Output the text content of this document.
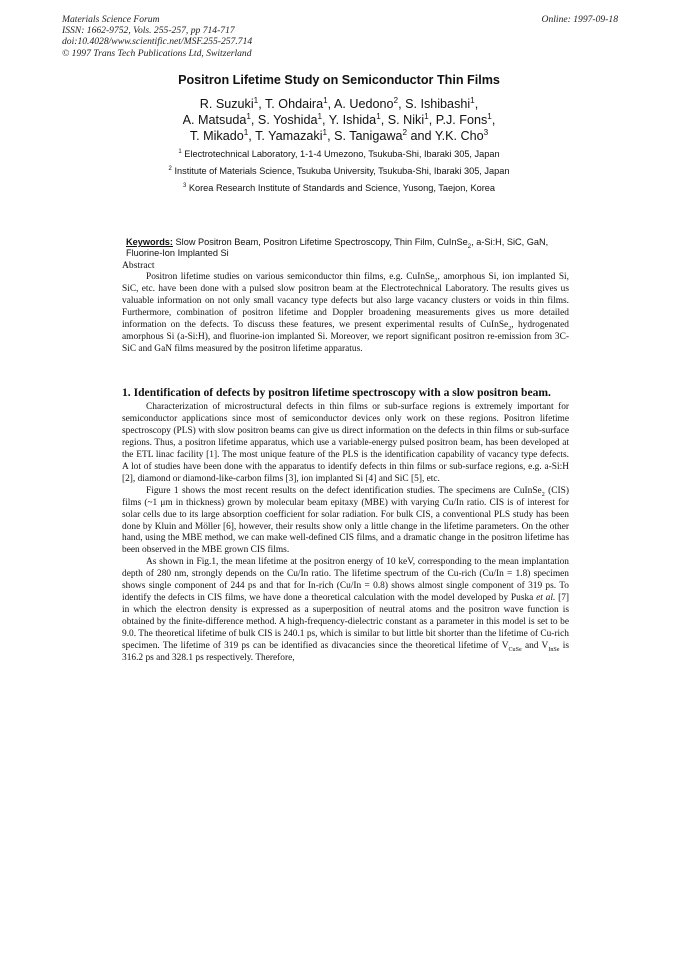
Materials Science Forum
ISSN: 1662-9752, Vols. 255-257, pp 714-717
doi:10.4028/www.scientific.net/MSF.255-257.714
© 1997 Trans Tech Publications Ltd, Switzerland
Online: 1997-09-18
Positron Lifetime Study on Semiconductor Thin Films
R. Suzuki$^1$, T. Ohdaira$^1$, A. Uedono$^2$, S. Ishibashi$^1$,
A. Matsuda$^1$, S. Yoshida$^1$, Y. Ishida$^1$, S. Niki$^1$, P.J. Fons$^1$,
T. Mikado$^1$, T. Yamazaki$^1$, S. Tanigawa$^2$ and Y.K. Cho$^3$
$^1$ Electrotechnical Laboratory, 1-1-4 Umezono, Tsukuba-Shi, Ibaraki 305, Japan
$^2$ Institute of Materials Science, Tsukuba University, Tsukuba-Shi, Ibaraki 305, Japan
$^3$ Korea Research Institute of Standards and Science, Yusong, Taejon, Korea
Keywords: Slow Positron Beam, Positron Lifetime Spectroscopy, Thin Film, CuInSe$_2$, a-Si:H, SiC, GaN, Fluorine-Ion Implanted Si
Abstract

Positron lifetime studies on various semiconductor thin films, e.g. CuInSe$_2$, amorphous Si, ion implanted Si, SiC, etc. have been done with a pulsed slow positron beam at the Electrotechnical Laboratory. The results gives us valuable information on not only small vacancy type defects but also large vacancy clusters or voids in thin films. Furthermore, combination of positron lifetime and Doppler broadening measurements gives us more detailed information on the defects. To discuss these features, we present experimental results of CuInSe$_2$, hydrogenated amorphous Si (a-Si:H), and fluorine-ion implanted Si. Moreover, we report significant positron re-emission from 3C-SiC and GaN films measured by the positron lifetime apparatus.

1. Identification of defects by positron lifetime spectroscopy with a slow positron beam.

Characterization of microstructural defects in thin films or sub-surface regions is extremely important for semiconductor applications since most of semiconductor devices only work on these regions. Positron lifetime spectroscopy (PLS) with slow positron beams can give us direct information on the defects in thin films or sub-surface regions. Thus, a positron lifetime apparatus, which use a variable-energy pulsed positron beam, has been developed at the ETL linac facility [1]. The most unique feature of the PLS is the identification capability of vacancy type defects. A lot of studies have been done with the apparatus to identify defects in thin films or sub-surface regions, e.g. a-Si:H [2], diamond or diamond-like-carbon films [3], ion implanted Si [4] and SiC [5], etc.

Figure 1 shows the most recent results on the defect identification studies. The specimens are CuInSe$_2$ (CIS) films (~1 μm in thickness) grown by molecular beam epitaxy (MBE) with varying Cu/In ratio. CIS is of interest for solar cells due to its large absorption coefficient for solar radiation. For bulk CIS, a conventional PLS study has been done by Kluin and Möller [6], however, their results show only a little change in the lifetime parameters. On the other hand, using the MBE method, we can make well-defined CIS films, and a dramatic change in the positron lifetime has been observed in the MBE grown CIS films.

As shown in Fig.1, the mean lifetime at the positron energy of 10 keV, corresponding to the mean implantation depth of 280 nm, strongly depends on the Cu/In ratio. The lifetime spectrum of the Cu-rich (Cu/In = 1.8) specimen shows single component of 244 ps and that for In-rich (Cu/In = 0.8) shows almost single component of 319 ps. To identify the defects in CIS films, we have done a theoretical calculation with the model developed by Puska et al. [7] in which the electron density is expressed as a superposition of neutral atoms and the positron wave function is obtained by the finite-difference method. A high-frequency-dielectric constant as a parameter in this model is set to be 9.0. The theoretical lifetime of bulk CIS is 240.1 ps, which is similar to but little bit shorter than the lifetime of Cu-rich specimen. The lifetime of 319 ps can be identified as divacancies since the theoretical lifetime of $V_{CuSe}$ and $V_{InSe}$ is 316.2 ps and 328.1 ps respectively. Therefore,
